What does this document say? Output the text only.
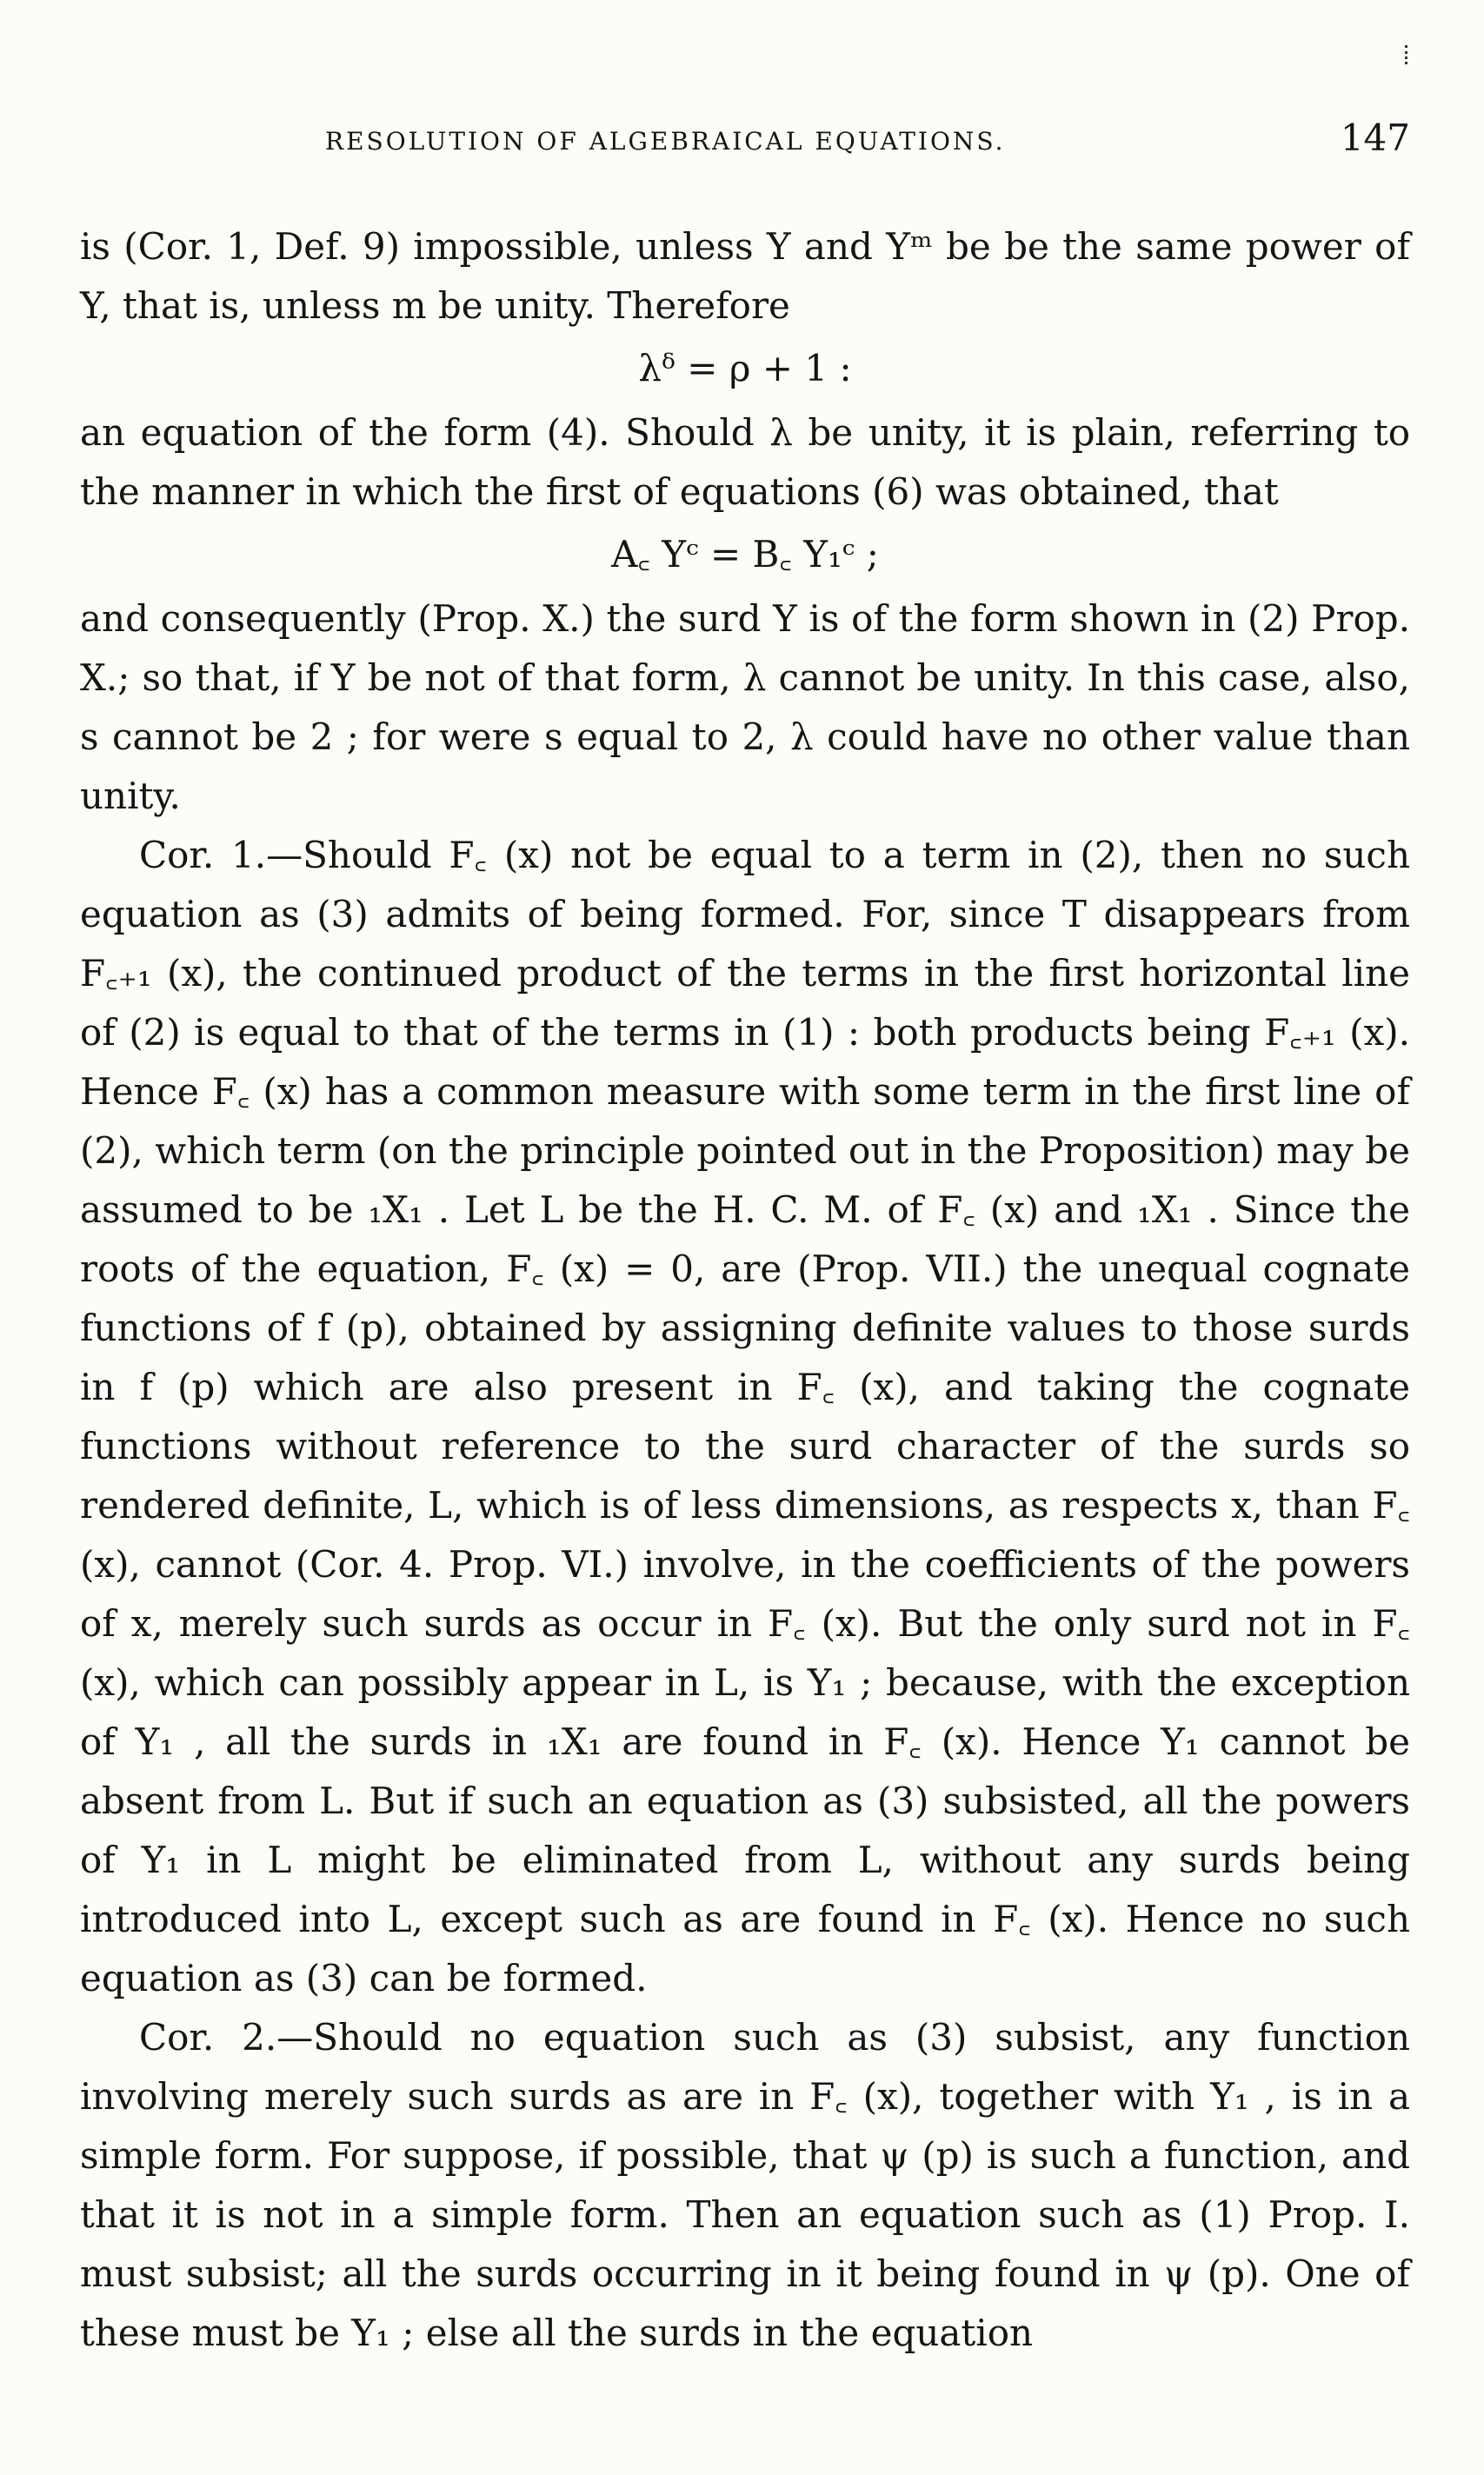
RESOLUTION OF ALGEBRAICAL EQUATIONS.	147

is (Cor. 1, Def. 9) impossible, unless Y and Yᵐ be be the same power of Y, that is, unless m be unity. Therefore

λᵟ = ρ + 1 :

an equation of the form (4). Should λ be unity, it is plain, referring to the manner in which the first of equations (6) was obtained, that

A꜀ Yᶜ = B꜀ Y₁ᶜ ;

and consequently (Prop. X.) the surd Y is of the form shown in (2) Prop. X.; so that, if Y be not of that form, λ cannot be unity. In this case, also, s cannot be 2 ; for were s equal to 2, λ could have no other value than unity.

Cor. 1.—Should F꜀ (x) not be equal to a term in (2), then no such equation as (3) admits of being formed. For, since T disappears from F꜀₊₁ (x), the continued product of the terms in the first horizontal line of (2) is equal to that of the terms in (1) : both products being F꜀₊₁ (x). Hence F꜀ (x) has a common measure with some term in the first line of (2), which term (on the principle pointed out in the Proposition) may be assumed to be ₁X₁ . Let L be the H. C. M. of F꜀ (x) and ₁X₁ . Since the roots of the equation, F꜀ (x) = 0, are (Prop. VII.) the unequal cognate functions of f (p), obtained by assigning definite values to those surds in f (p) which are also present in F꜀ (x), and taking the cognate functions without reference to the surd character of the surds so rendered definite, L, which is of less dimensions, as respects x, than F꜀ (x), cannot (Cor. 4. Prop. VI.) involve, in the coefficients of the powers of x, merely such surds as occur in F꜀ (x). But the only surd not in F꜀ (x), which can possibly appear in L, is Y₁ ; because, with the exception of Y₁ , all the surds in ₁X₁ are found in F꜀ (x). Hence Y₁ cannot be absent from L. But if such an equation as (3) subsisted, all the powers of Y₁ in L might be eliminated from L, without any surds being introduced into L, except such as are found in F꜀ (x). Hence no such equation as (3) can be formed.

Cor. 2.—Should no equation such as (3) subsist, any function involving merely such surds as are in F꜀ (x), together with Y₁ , is in a simple form. For suppose, if possible, that ψ (p) is such a function, and that it is not in a simple form. Then an equation such as (1) Prop. I. must subsist; all the surds occurring in it being found in ψ (p). One of these must be Y₁ ; else all the surds in the equation
